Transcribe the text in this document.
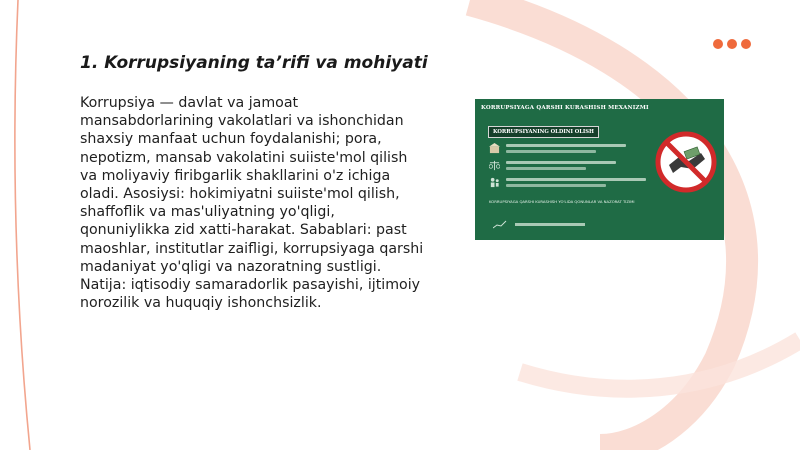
1. Korrupsiyaning ta’rifi va mohiyati

Korrupsiya — davlat va jamoat mansabdorlarining vakolatlari va ishonchidan shaxsiy manfaat uchun foydalanishi; pora, nepotizm, mansab vakolatini suiiste'mol qilish va moliyaviy firibgarlik shakllarini o'z ichiga oladi. Asosiysi: hokimiyatni suiiste'mol qilish, shaffoflik va mas'uliyatning yo'qligi, qonuniylikka zid xatti-harakat. Sabablari: past maoshlar, institutlar zaifligi, korrupsiyaga qarshi madaniyat yo'qligi va nazoratning sustligi. Natija: iqtisodiy samaradorlik pasayishi, ijtimoiy norozilik va huquqiy ishonchsizlik.

KORRUPSIYAGA QARSHI KURASHISH MEXANIZMI
KORRUPSIYANING OLDINI OLISH
KORRUPSIYAGA QARSHI KURASHISH YO'LIDA QONUNLAR VA NAZORAT TIZIMI
